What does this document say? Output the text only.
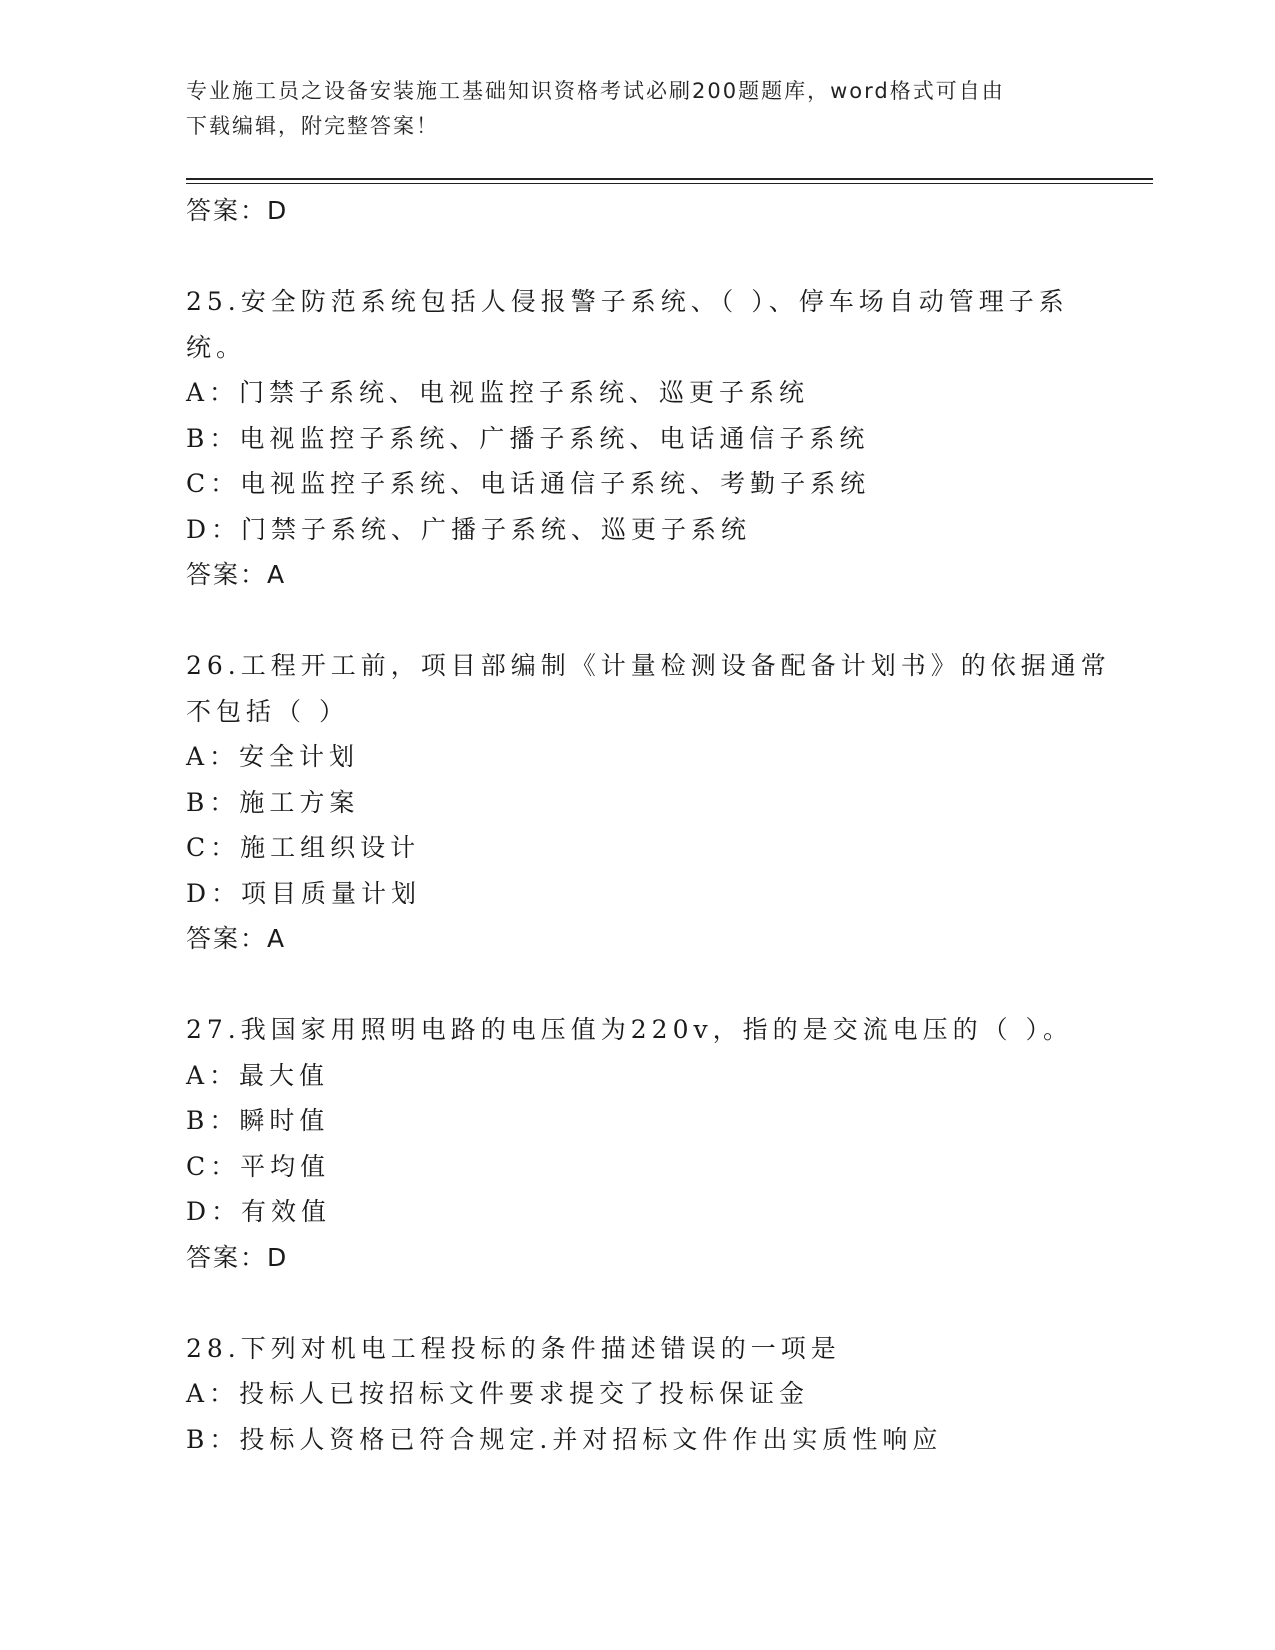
专业施工员之设备安装施工基础知识资格考试必刷200题题库，word格式可自由
下载编辑，附完整答案！
答案：D
25.安全防范系统包括人侵报警子系统、（ ）、停车场自动管理子系
统。
A：门禁子系统、电视监控子系统、巡更子系统
B：电视监控子系统、广播子系统、电话通信子系统
C：电视监控子系统、电话通信子系统、考勤子系统
D：门禁子系统、广播子系统、巡更子系统
答案：A
26.工程开工前，项目部编制《计量检测设备配备计划书》的依据通常
不包括（ ）
A：安全计划
B：施工方案
C：施工组织设计
D：项目质量计划
答案：A
27.我国家用照明电路的电压值为220v，指的是交流电压的（ ）。
A：最大值
B：瞬时值
C：平均值
D：有效值
答案：D
28.下列对机电工程投标的条件描述错误的一项是
A：投标人已按招标文件要求提交了投标保证金
B：投标人资格已符合规定.并对招标文件作出实质性响应
